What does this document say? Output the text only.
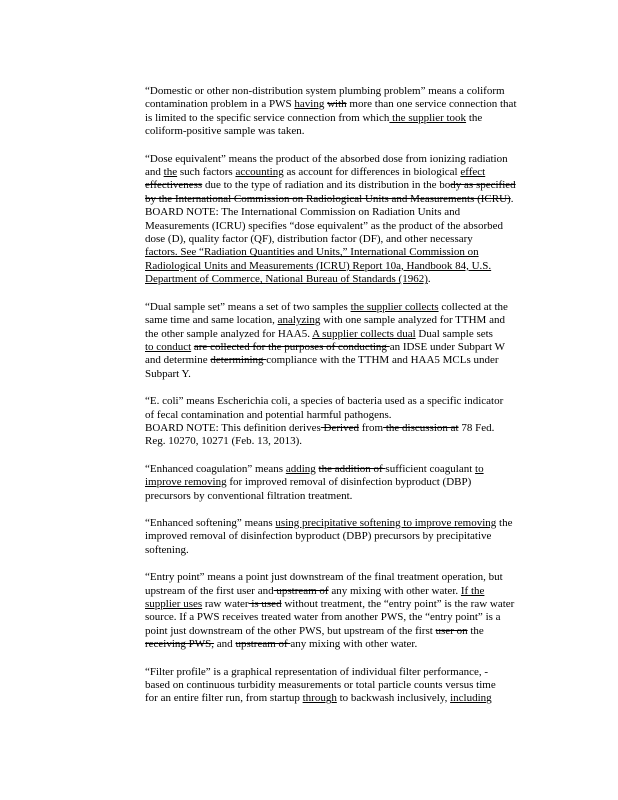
“Domestic or other non-distribution system plumbing problem” means a coliform
contamination problem in a PWS having with more than one service connection that
is limited to the specific service connection from which the supplier took the
coliform-positive sample was taken.
“Dose equivalent” means the product of the absorbed dose from ionizing radiation
and the such factors accounting as account for differences in biological effect
effectiveness due to the type of radiation and its distribution in the body as specified
by the International Commission on Radiological Units and Measurements (ICRU).
BOARD NOTE: The International Commission on Radiation Units and
Measurements (ICRU) specifies “dose equivalent” as the product of the absorbed
dose (D), quality factor (QF), distribution factor (DF), and other necessary
factors. See “Radiation Quantities and Units,” International Commission on
Radiological Units and Measurements (ICRU) Report 10a, Handbook 84, U.S.
Department of Commerce, National Bureau of Standards (1962).
“Dual sample set” means a set of two samples the supplier collects collected at the
same time and same location, analyzing with one sample analyzed for TTHM and
the other sample analyzed for HAA5. A supplier collects dual Dual sample sets
to conduct are collected for the purposes of conducting an IDSE under Subpart W
and determine determining compliance with the TTHM and HAA5 MCLs under
Subpart Y.
“E. coli” means Escherichia coli, a species of bacteria used as a specific indicator
of fecal contamination and potential harmful pathogens.
BOARD NOTE: This definition derives Derived from the discussion at 78 Fed.
Reg. 10270, 10271 (Feb. 13, 2013).
“Enhanced coagulation” means adding the addition of sufficient coagulant to
improve removing for improved removal of disinfection byproduct (DBP)
precursors by conventional filtration treatment.
“Enhanced softening” means using precipitative softening to improve removing the
improved removal of disinfection byproduct (DBP) precursors by precipitative
softening.
“Entry point” means a point just downstream of the final treatment operation, but
upstream of the first user and upstream of any mixing with other water. If the
supplier uses raw water is used without treatment, the “entry point” is the raw water
source. If a PWS receives treated water from another PWS, the “entry point” is a
point just downstream of the other PWS, but upstream of the first user on the
receiving PWS, and upstream of any mixing with other water.
“Filter profile” is a graphical representation of individual filter performance, -
based on continuous turbidity measurements or total particle counts versus time
for an entire filter run, from startup through to backwash inclusively, including
